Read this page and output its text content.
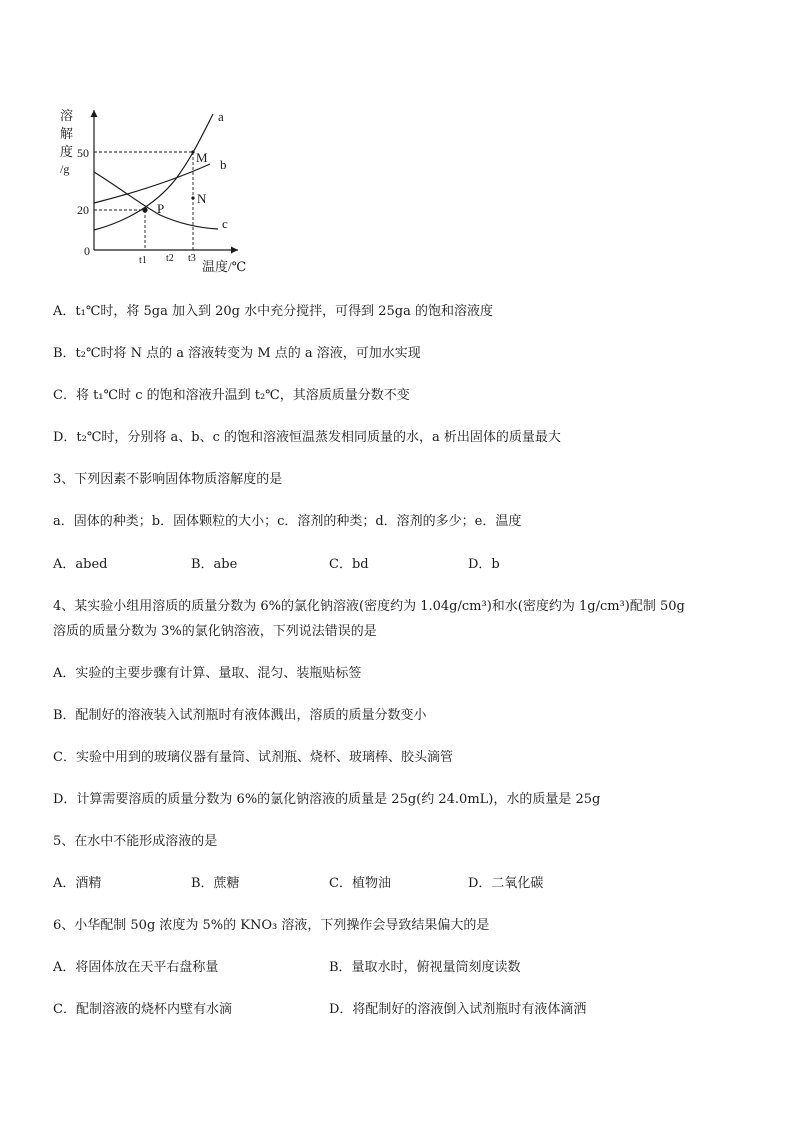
溶
解
度
/g
50
20
0
t1 t2 t3
温度/℃
a
b
c
M
N
P
A．t₁℃时，将 5ga 加入到 20g 水中充分搅拌，可得到 25ga 的饱和溶液度
B．t₂℃时将 N 点的 a 溶液转变为 M 点的 a 溶液，可加水实现
C．将 t₁℃时 c 的饱和溶液升温到 t₂℃，其溶质质量分数不变
D．t₂℃时，分别将 a、b、c 的饱和溶液恒温蒸发相同质量的水，a 析出固体的质量最大
3、下列因素不影响固体物质溶解度的是
a．固体的种类；b．固体颗粒的大小；c．溶剂的种类；d．溶剂的多少；e．温度
A．abed	B．abe	C．bd	D．b
4、某实验小组用溶质的质量分数为 6%的氯化钠溶液(密度约为 1.04g/cm³)和水(密度约为 1g/cm³)配制 50g
溶质的质量分数为 3%的氯化钠溶液，下列说法错误的是
A．实验的主要步骤有计算、量取、混匀、装瓶贴标签
B．配制好的溶液装入试剂瓶时有液体溅出，溶质的质量分数变小
C．实验中用到的玻璃仪器有量筒、试剂瓶、烧杯、玻璃棒、胶头滴管
D．计算需要溶质的质量分数为 6%的氯化钠溶液的质量是 25g(约 24.0mL)，水的质量是 25g
5、在水中不能形成溶液的是
A．酒精	B．蔗糖	C．植物油	D．二氧化碳
6、小华配制 50g 浓度为 5%的 KNO₃ 溶液，下列操作会导致结果偏大的是
A．将固体放在天平右盘称量	B．量取水时，俯视量筒刻度读数
C．配制溶液的烧杯内壁有水滴	D．将配制好的溶液倒入试剂瓶时有液体滴洒
